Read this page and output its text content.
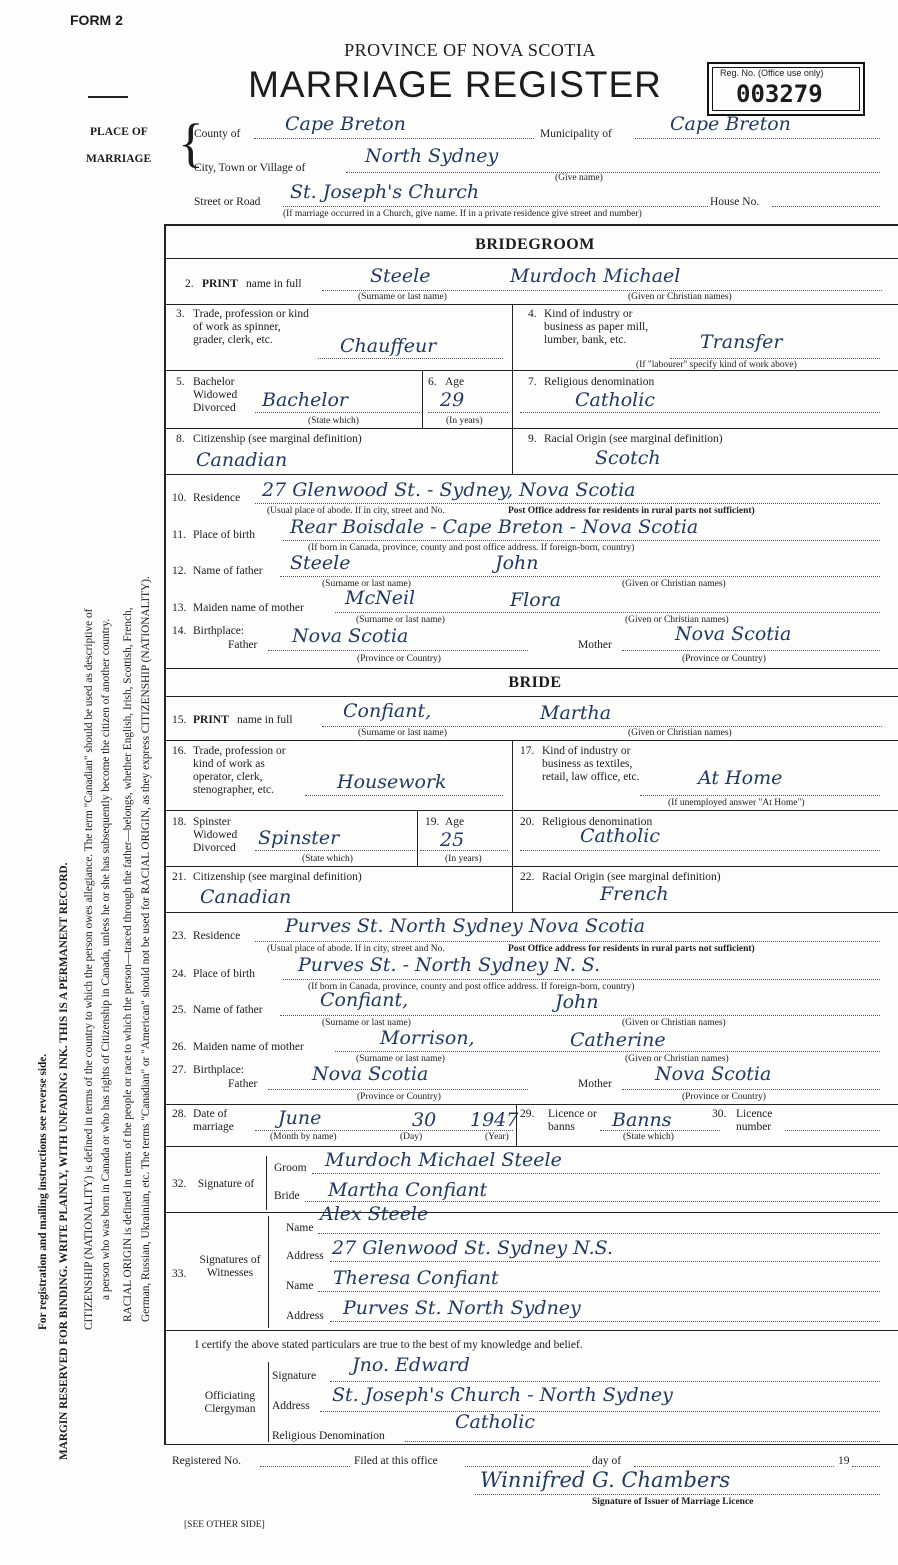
For registration and mailing instructions see reverse side. MARGIN RESERVED FOR BINDING. WRITE PLAINLY, WITH UNFADING INK. THIS IS A PERMANENT RECORD. CITIZENSHIP (NATIONALITY) is defined in terms of the country to which the person owes allegiance. The term "Canadian" should be used as descriptive of a person who was born in Canada or who has rights of Citizenship in Canada, unless he or she has subsequently become the citizen of another country. RACIAL ORIGIN is defined in terms of the people or race to which the person—traced through the father—belongs, whether English, Irish, Scottish, French, German, Russian, Ukrainian, etc. The terms "Canadian" or "American" should not be used for RACIAL ORIGIN, as they express CITIZENSHIP (NATIONALITY).
FORM 2
PROVINCE OF NOVA SCOTIA
MARRIAGE REGISTER	Reg. No. (Office use only)
003279
PLACE OF
MARRIAGE {
County of Cape Breton	Municipality of	Cape Breton
City, Town or Village of
North Sydney
(Give name)
Street or Road St. Joseph's Church	House No.
(If marriage occurred in a Church, give name. If in a private residence give street and number)
BRIDEGROOM
2. PRINT name in full	Steele	Murdoch Michael
(Surname or last name)	(Given or Christian names)
3. Trade, profession or kind of work as spinner, grader, clerk, etc.	Chauffeur
4. Kind of industry or business as paper mill, lumber, bank, etc.	Transfer
(If "labourer" specify kind of work above)
5. Bachelor Widowed Divorced	Bachelor
(State which)
6. Age
29
(In years)
7. Religious denomination
Catholic
8. Citizenship (see marginal definition)
Canadian
9. Racial Origin (see marginal definition)
Scotch
10. Residence 27 Glenwood St. - Sydney, Nova Scotia
(Usual place of abode. If in city, street and No.	Post Office address for residents in rural parts not sufficient)
11. Place of birth Rear Boisdale - Cape Breton - Nova Scotia
(If born in Canada, province, county and post office address. If foreign-born, country)
12. Name of father Steele	John
(Surname or last name)	(Given or Christian names)
13. Maiden name of mother McNeil	Flora
(Surname or last name)	(Given or Christian names)
14. Birthplace:
Father Nova Scotia	Mother	Nova Scotia
(Province or Country)	(Province or Country)
BRIDE
15. PRINT name in full	Confiant,	Martha
(Surname or last name)	(Given or Christian names)
16. Trade, profession or kind of work as operator, clerk, stenographer, etc.	Housework
17. Kind of industry or business as textiles, retail, law office, etc.	At Home
(If unemployed answer "At Home")
18. Spinster Widowed Divorced	Spinster
(State which)
19. Age
25
(In years)
20. Religious denomination
Catholic
21. Citizenship (see marginal definition)
Canadian
22. Racial Origin (see marginal definition)
French
23. Residence Purves St. North Sydney Nova Scotia
(Usual place of abode. If in city, street and No.	Post Office address for residents in rural parts not sufficient)
24. Place of birth Purves St. - North Sydney N. S.
(If born in Canada, province, county and post office address. If foreign-born, country)
25. Name of father	Confiant,	John
(Surname or last name)	(Given or Christian names)
26. Maiden name of mother	Morrison,	Catherine
(Surname or last name)	(Given or Christian names)
27. Birthplace:
Father	Nova Scotia	Mother Nova Scotia
(Province or Country)	(Province or Country)
28. Date of marriage	June	30 1947
(Month by name)	(Day)	(Year)
29. Licence or banns	Banns
(State which)
30. Licence number
32. Signature of
Groom Murdoch Michael Steele
Bride Martha Confiant
33.
Signatures of Witnesses
Name
Alex Steele
Address 27 Glenwood St. Sydney N.S.
Name Theresa Confiant
Address Purves St. North Sydney
I certify the above stated particulars are true to the best of my knowledge and belief.
Officiating Clergyman
Signature Jno. Edward
Address St. Joseph's Church - North Sydney
Religious Denomination
Catholic
Registered No.	Filed at this office	day of	19
Winnifred G. Chambers
Signature of Issuer of Marriage Licence
[SEE OTHER SIDE]
